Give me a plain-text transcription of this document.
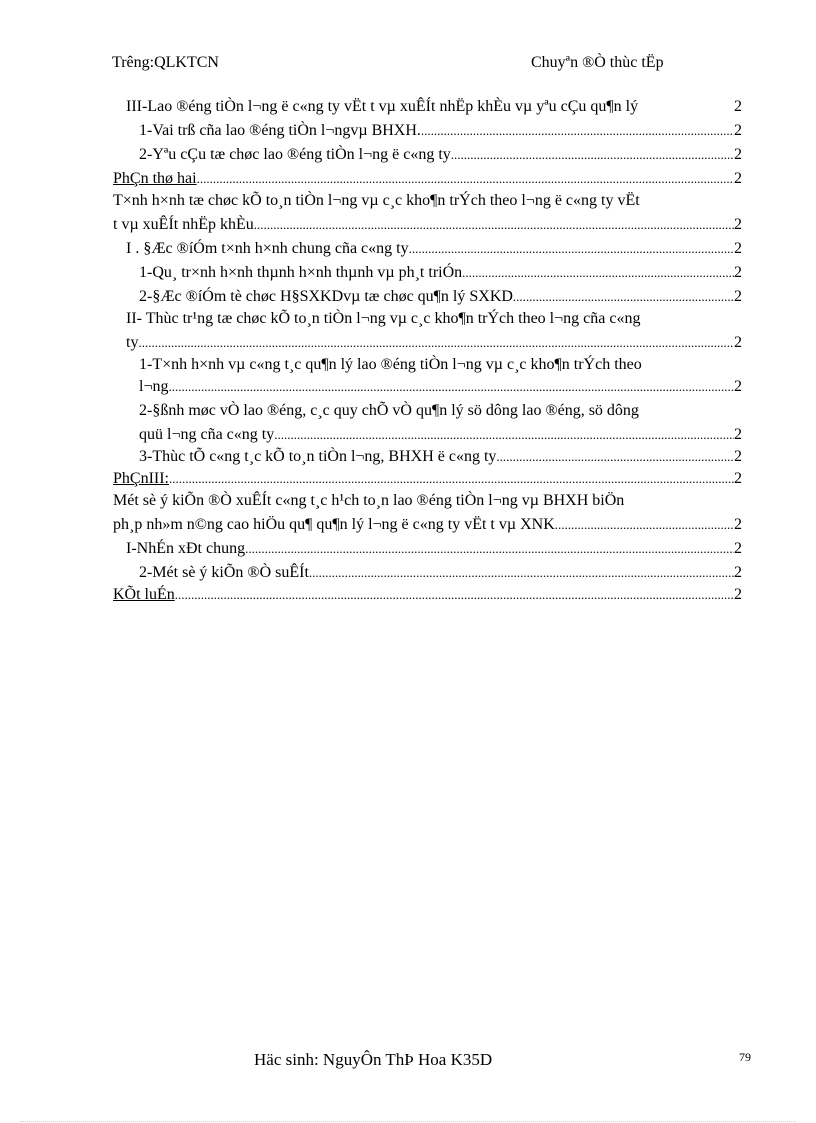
Trêng:QLKTCN	Chuyªn ®Ò thùc tËp
III-Lao ®éng tiÒn l¬ng ë c«ng ty vËt t vµ xuÊÍt nhËp khÈu vµ yªu cÇu qu¶n lý	2
1-Vai trß cña lao ®éng tiÒn l¬ngvµ BHXH. .....	2
2-Yªu cÇu tæ chøc lao ®éng tiÒn l¬ng ë c«ng ty .....	2
PhÇn thø hai .....	2
T×nh h×nh tæ chøc kÕ to¸n tiÒn l¬ng vµ c¸c kho¶n trÝch theo l¬ng ë c«ng ty vËt
t vµ xuÊÍt nhËp khÈu .....	2
I . §Æc ®íÓm t×nh h×nh chung cña c«ng ty .....	2
1-Qu¸ tr×nh h×nh thµnh h×nh thµnh vµ ph¸t triÓn .....	2
2-§Æc ®íÓm tè chøc H§SXKDvµ tæ chøc qu¶n lý SXKD .....	2
II- Thùc tr¹ng tæ chøc kÕ to¸n tiÒn l¬ng vµ c¸c kho¶n trÝch theo l¬ng cña c«ng
ty .....	2
1-T×nh h×nh vµ c«ng t¸c qu¶n lý lao ®éng tiÒn l¬ng vµ c¸c kho¶n trÝch theo
l¬ng .....	2
2-§ßnh møc vÒ lao ®éng, c¸c quy chÕ vÒ qu¶n lý sö dông lao ®éng, sö dông
quü l¬ng cña c«ng ty .....	2
3-Thùc tÕ c«ng t¸c kÕ to¸n tiÒn l¬ng, BHXH ë c«ng ty .....	2
PhÇnIII: .....	2
Mét sè ý kiÕn ®Ò xuÊÍt c«ng t¸c h¹ch to¸n lao ®éng tiÒn l¬ng vµ BHXH biÖn
ph¸p nh»m n©ng cao hiÖu qu¶ qu¶n lý l¬ng ë c«ng ty vËt t vµ XNK .....	2
I-NhÉn xÐt chung .....	2
2-Mét sè ý kiÕn ®Ò suÊÍt .....	2
KÕt luÉn .....	2
Häc sinh: NguyÔn ThÞ Hoa K35D	79
